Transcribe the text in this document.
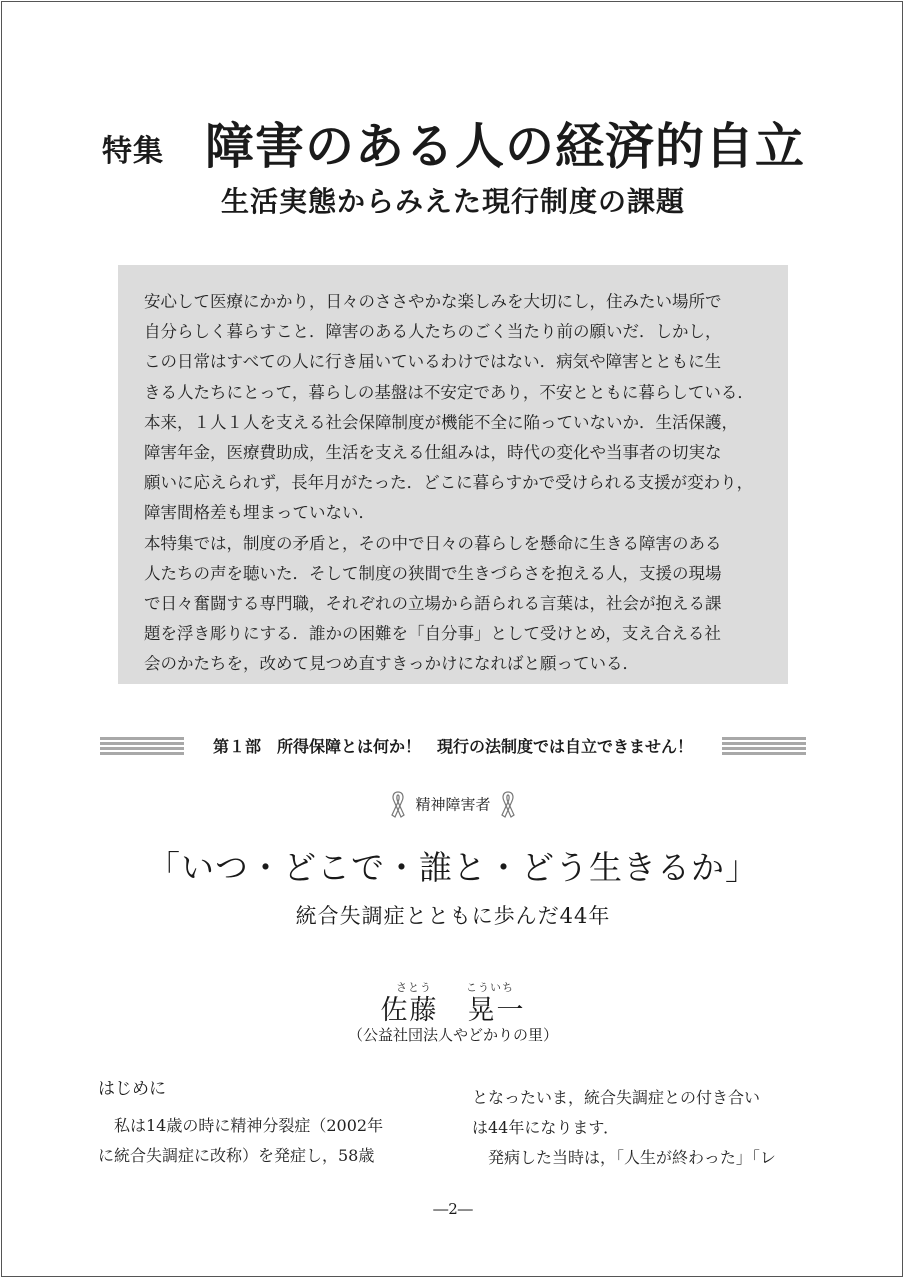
特集 障害のある人の経済的自立
生活実態からみえた現行制度の課題

安心して医療にかかり，日々のささやかな楽しみを大切にし，住みたい場所で

自分らしく暮らすこと．障害のある人たちのごく当たり前の願いだ．しかし，

この日常はすべての人に行き届いているわけではない．病気や障害とともに生

きる人たちにとって，暮らしの基盤は不安定であり，不安とともに暮らしている．

本来，１人１人を支える社会保障制度が機能不全に陥っていないか．生活保護，

障害年金，医療費助成，生活を支える仕組みは，時代の変化や当事者の切実な

願いに応えられず，長年月がたった．どこに暮らすかで受けられる支援が変わり，

障害間格差も埋まっていない．

本特集では，制度の矛盾と，その中で日々の暮らしを懸命に生きる障害のある

人たちの声を聴いた．そして制度の狭間で生きづらさを抱える人，支援の現場

で日々奮闘する専門職，それぞれの立場から語られる言葉は，社会が抱える課

題を浮き彫りにする．誰かの困難を「自分事」として受けとめ，支え合える社

会のかたちを，改めて見つめ直すきっかけになればと願っている．

第１部　所得保障とは何か！　現行の法制度では自立できません！
精神障害者
「いつ・どこで・誰と・どう生きるか」
統合失調症とともに歩んだ44年
さとう	こういち
佐藤　晃一
（公益社団法人やどかりの里）
はじめに

　私は14歳の時に精神分裂症（2002年

に統合失調症に改称）を発症し，58歳

となったいま，統合失調症との付き合い

は44年になります．

　発病した当時は，「人生が終わった」「レ

―2―
